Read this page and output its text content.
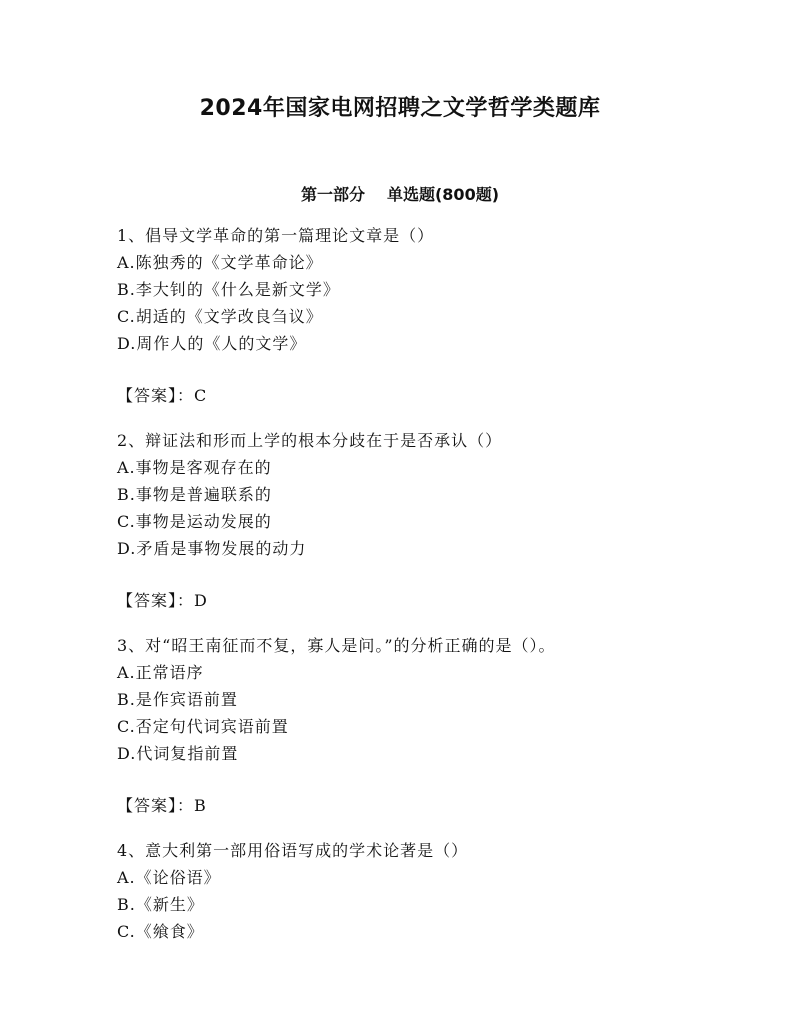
2024年国家电网招聘之文学哲学类题库
第一部分 单选题(800题)
1、倡导文学革命的第一篇理论文章是（）
A.陈独秀的《文学革命论》
B.李大钊的《什么是新文学》
C.胡适的《文学改良刍议》
D.周作人的《人的文学》
【答案】：C
2、辩证法和形而上学的根本分歧在于是否承认（）
A.事物是客观存在的
B.事物是普遍联系的
C.事物是运动发展的
D.矛盾是事物发展的动力
【答案】：D
3、对“昭王南征而不复，寡人是问。”的分析正确的是（）。
A.正常语序
B.是作宾语前置
C.否定句代词宾语前置
D.代词复指前置
【答案】：B
4、意大利第一部用俗语写成的学术论著是（）
A.《论俗语》
B.《新生》
C.《飨食》
